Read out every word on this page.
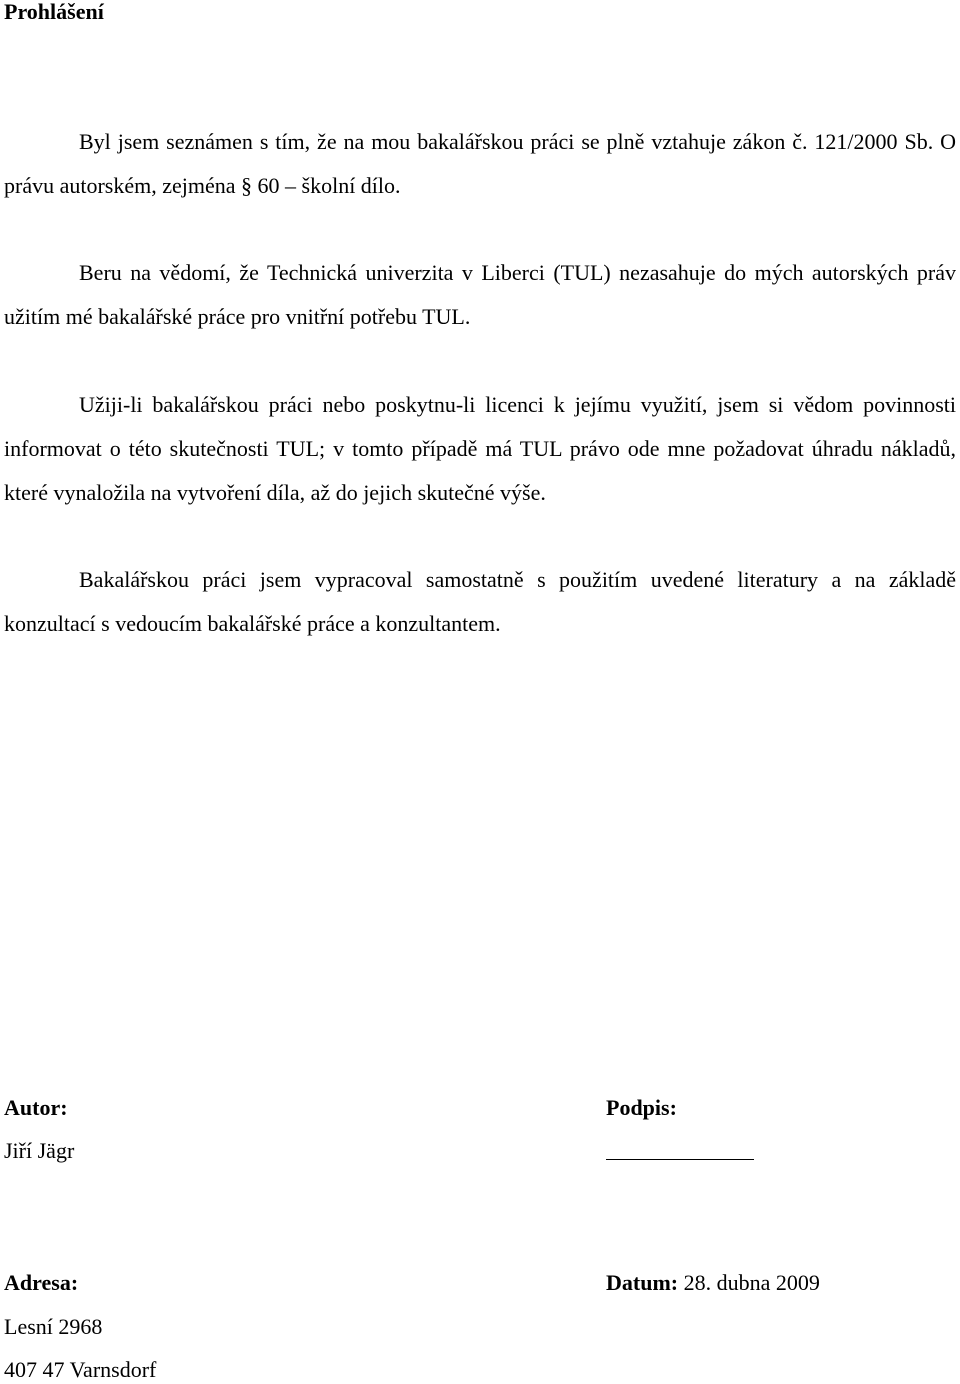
Prohlášení

Byl jsem seznámen s tím, že na mou bakalářskou práci se plně vztahuje zákon č. 121/2000 Sb. O právu autorském, zejména § 60 – školní dílo.

Beru na vědomí, že Technická univerzita v Liberci (TUL) nezasahuje do mých autorských práv užitím mé bakalářské práce pro vnitřní potřebu TUL.

Užiji-li bakalářskou práci nebo poskytnu-li licenci k jejímu využití, jsem si vědom povinnosti informovat o této skutečnosti TUL; v tomto případě má TUL právo ode mne požadovat úhradu nákladů, které vynaložila na vytvoření díla, až do jejich skutečné výše.

Bakalářskou práci jsem vypracoval samostatně s použitím uvedené literatury a na základě konzultací s vedoucím bakalářské práce a konzultantem.

Autor:
Jiří Jägr
Podpis:
Adresa:
Lesní 2968
407 47 Varnsdorf
Datum: 28. dubna 2009
